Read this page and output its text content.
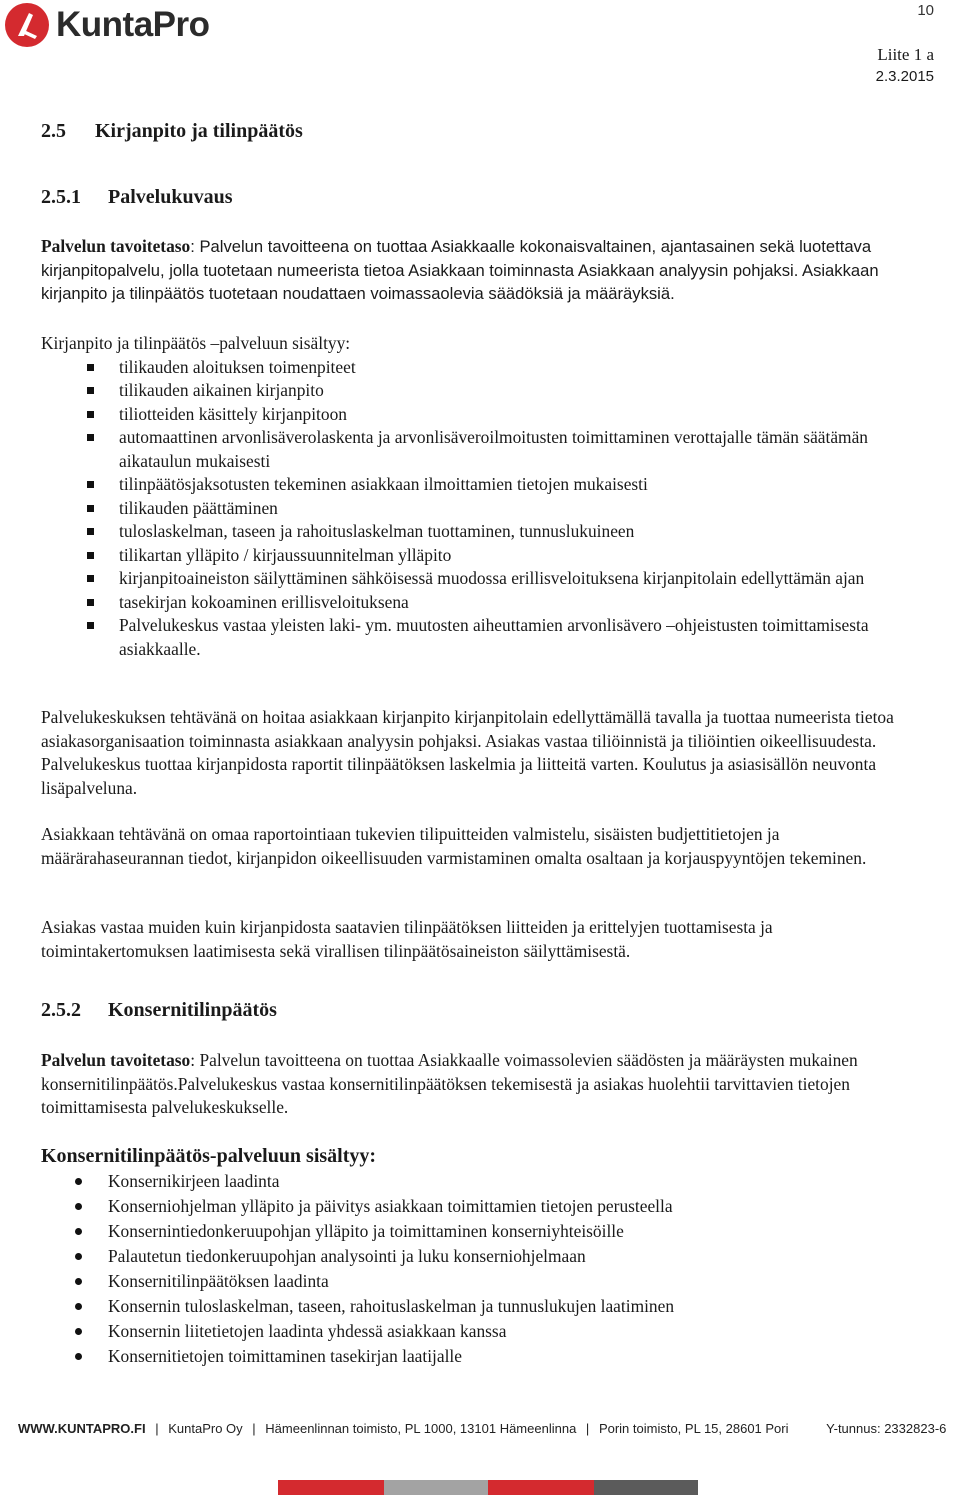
KuntaPro	10
Liite 1 a
2.3.2015
2.5 Kirjanpito ja tilinpäätös
2.5.1 Palvelukuvaus

Palvelun tavoitetaso: Palvelun tavoitteena on tuottaa Asiakkaalle kokonaisvaltainen, ajantasainen sekä luotettava kirjanpitopalvelu, jolla tuotetaan numeerista tietoa Asiakkaan toiminnasta Asiakkaan analyysin pohjaksi. Asiakkaan kirjanpito ja tilinpäätös tuotetaan noudattaen voimassaolevia säädöksiä ja määräyksiä.

Kirjanpito ja tilinpäätös –palveluun sisältyy:

tilikauden aloituksen toimenpiteet
tilikauden aikainen kirjanpito
tiliotteiden käsittely kirjanpitoon
automaattinen arvonlisäverolaskenta ja arvonlisäveroilmoitusten toimittaminen verottajalle tämän säätämän aikataulun mukaisesti
tilinpäätösjaksotusten tekeminen asiakkaan ilmoittamien tietojen mukaisesti
tilikauden päättäminen
tuloslaskelman, taseen ja rahoituslaskelman tuottaminen, tunnuslukuineen
tilikartan ylläpito / kirjaussuunnitelman ylläpito
kirjanpitoaineiston säilyttäminen sähköisessä muodossa erillisveloituksena kirjanpitolain edellyttämän ajan
tasekirjan kokoaminen erillisveloituksena
Palvelukeskus vastaa yleisten laki- ym. muutosten aiheuttamien arvonlisävero –ohjeistusten toimittamisesta asiakkaalle.

Palvelukeskuksen tehtävänä on hoitaa asiakkaan kirjanpito kirjanpitolain edellyttämällä tavalla ja tuottaa numeerista tietoa asiakasorganisaation toiminnasta asiakkaan analyysin pohjaksi. Asiakas vastaa tiliöinnistä ja tiliöintien oikeellisuudesta. Palvelukeskus tuottaa kirjanpidosta raportit tilinpäätöksen laskelmia ja liitteitä varten. Koulutus ja asiasisällön neuvonta lisäpalveluna.

Asiakkaan tehtävänä on omaa raportointiaan tukevien tilipuitteiden valmistelu, sisäisten budjettitietojen ja määrärahaseurannan tiedot, kirjanpidon oikeellisuuden varmistaminen omalta osaltaan ja korjauspyyntöjen tekeminen.

Asiakas vastaa muiden kuin kirjanpidosta saatavien tilinpäätöksen liitteiden ja erittelyjen tuottamisesta ja toimintakertomuksen laatimisesta sekä virallisen tilinpäätösaineiston säilyttämisestä.

2.5.2 Konsernitilinpäätös

Palvelun tavoitetaso: Palvelun tavoitteena on tuottaa Asiakkaalle voimassolevien säädösten ja määräysten mukainen konsernitilinpäätös.Palvelukeskus vastaa konsernitilinpäätöksen tekemisestä ja asiakas huolehtii tarvittavien tietojen toimittamisesta palvelukeskukselle.

Konsernitilinpäätös-palveluun sisältyy:

Konsernikirjeen laadinta
Konserniohjelman ylläpito ja päivitys asiakkaan toimittamien tietojen perusteella
Konsernintiedonkeruupohjan ylläpito ja toimittaminen konserniyhteisöille
Palautetun tiedonkeruupohjan analysointi ja luku konserniohjelmaan
Konsernitilinpäätöksen laadinta
Konsernin tuloslaskelman, taseen, rahoituslaskelman ja tunnuslukujen laatiminen
Konsernin liitetietojen laadinta yhdessä asiakkaan kanssa
Konsernitietojen toimittaminen tasekirjan laatijalle
WWW.KUNTAPRO.FI | KuntaPro Oy | Hämeenlinnan toimisto, PL 1000, 13101 Hämeenlinna | Porin toimisto, PL 15, 28601 Pori	Y-tunnus: 2332823-6
